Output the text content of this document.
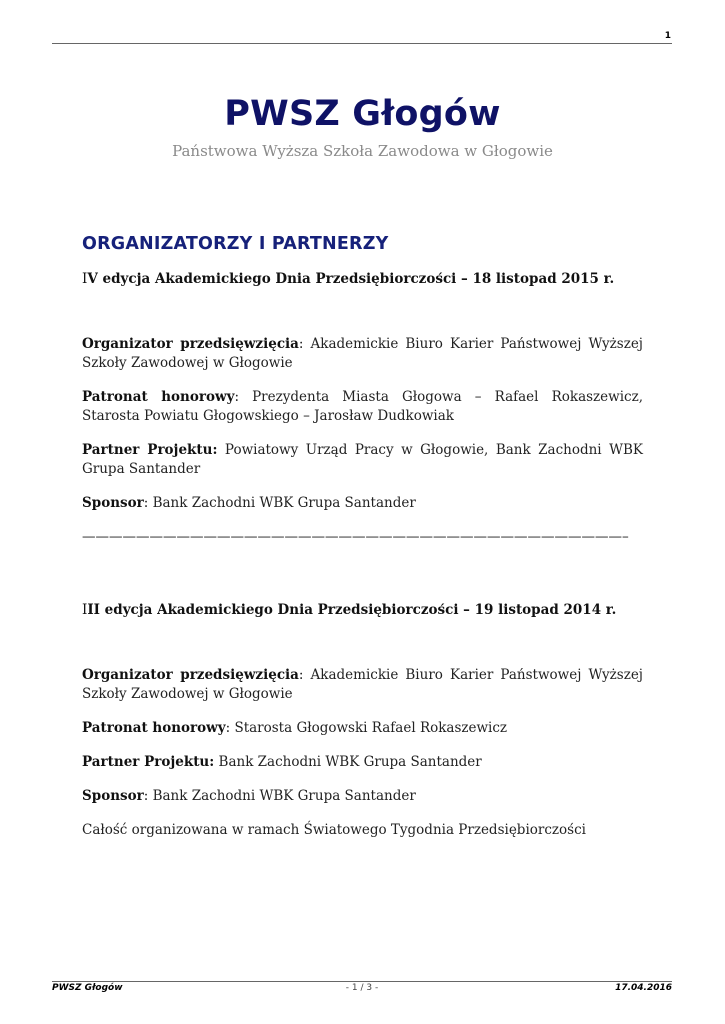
1
PWSZ Głogów
Państwowa Wyższa Szkoła Zawodowa w Głogowie
ORGANIZATORZY I PARTNERZY

IV edycja Akademickiego Dnia Przedsiębiorczości – 18 listopad 2015 r.

Organizator przedsięwzięcia: Akademickie Biuro Karier Państwowej Wyższej Szkoły Zawodowej w Głogowie

Patronat honorowy: Prezydenta Miasta Głogowa – Rafael Rokaszewicz, Starosta Powiatu Głogowskiego – Jarosław Dudkowiak

Partner Projektu: Powiatowy Urząd Pracy w Głogowie, Bank Zachodni WBK Grupa Santander

Sponsor: Bank Zachodni WBK Grupa Santander

————————————————————————————————————————–

III edycja Akademickiego Dnia Przedsiębiorczości – 19 listopad 2014 r.

Organizator przedsięwzięcia: Akademickie Biuro Karier Państwowej Wyższej Szkoły Zawodowej w Głogowie

Patronat honorowy: Starosta Głogowski Rafael Rokaszewicz

Partner Projektu: Bank Zachodni WBK Grupa Santander

Sponsor: Bank Zachodni WBK Grupa Santander

Całość organizowana w ramach Światowego Tygodnia Przedsiębiorczości

PWSZ Głogów	- 1 / 3 -	17.04.2016
